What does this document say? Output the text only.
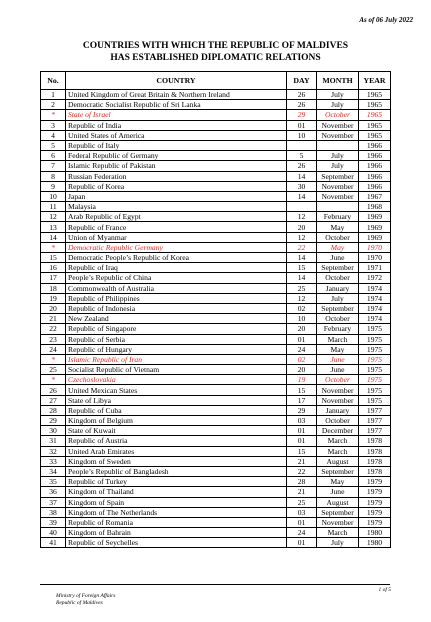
As of 06 July 2022
COUNTRIES WITH WHICH THE REPUBLIC OF MALDIVES
HAS ESTABLISHED DIPLOMATIC RELATIONS
No.	COUNTRY	DAY	MONTH	YEAR
1	United Kingdom of Great Britain & Northern Ireland	26	July	1965
2	Democratic Socialist Republic of Sri Lanka	26	July	1965
*	State of Israel	29	October	1965
3	Republic of India	01	November	1965
4	United States of America	10	November	1965
5	Republic of Italy			1966
6	Federal Republic of Germany	5	July	1966
7	Islamic Republic of Pakistan	26	July	1966
8	Russian Federation	14	September	1966
9	Republic of Korea	30	November	1966
10	Japan	14	November	1967
11	Malaysia			1968
12	Arab Republic of Egypt	12	February	1969
13	Republic of France	20	May	1969
14	Union of Myanmar	12	October	1969
*	Democratic Republic Germany	22	May	1970
15	Democratic People’s Republic of Korea	14	June	1970
16	Republic of Iraq	15	September	1971
17	People’s Republic of China	14	October	1972
18	Commonwealth of Australia	25	January	1974
19	Republic of Philippines	12	July	1974
20	Republic of Indonesia	02	September	1974
21	New Zealand	10	October	1974
22	Republic of Singapore	20	February	1975
23	Republic of Serbia	01	March	1975
24	Republic of Hungary	24	May	1975
*	Islamic Republic of Iran	02	June	1975
25	Socialist Republic of Vietnam	20	June	1975
*	Czechoslovakia	19	October	1975
26	United Mexican States	15	November	1975
27	State of Libya	17	November	1975
28	Republic of Cuba	29	January	1977
29	Kingdom of Belgium	03	October	1977
30	State of Kuwait	01	December	1977
31	Republic of Austria	01	March	1978
32	United Arab Emirates	15	March	1978
33	Kingdom of Sweden	21	August	1978
34	People’s Republic of Bangladesh	22	September	1978
35	Republic of Turkey	28	May	1979
36	Kingdom of Thailand	21	June	1979
37	Kingdom of Spain	25	August	1979
38	Kingdom of The Netherlands	03	September	1979
39	Republic of Romania	01	November	1979
40	Kingdom of Bahrain	24	March	1980
41	Republic of Seychelles	01	July	1980
1 of 5
Ministry of Foreign Affairs
Republic of Maldives
